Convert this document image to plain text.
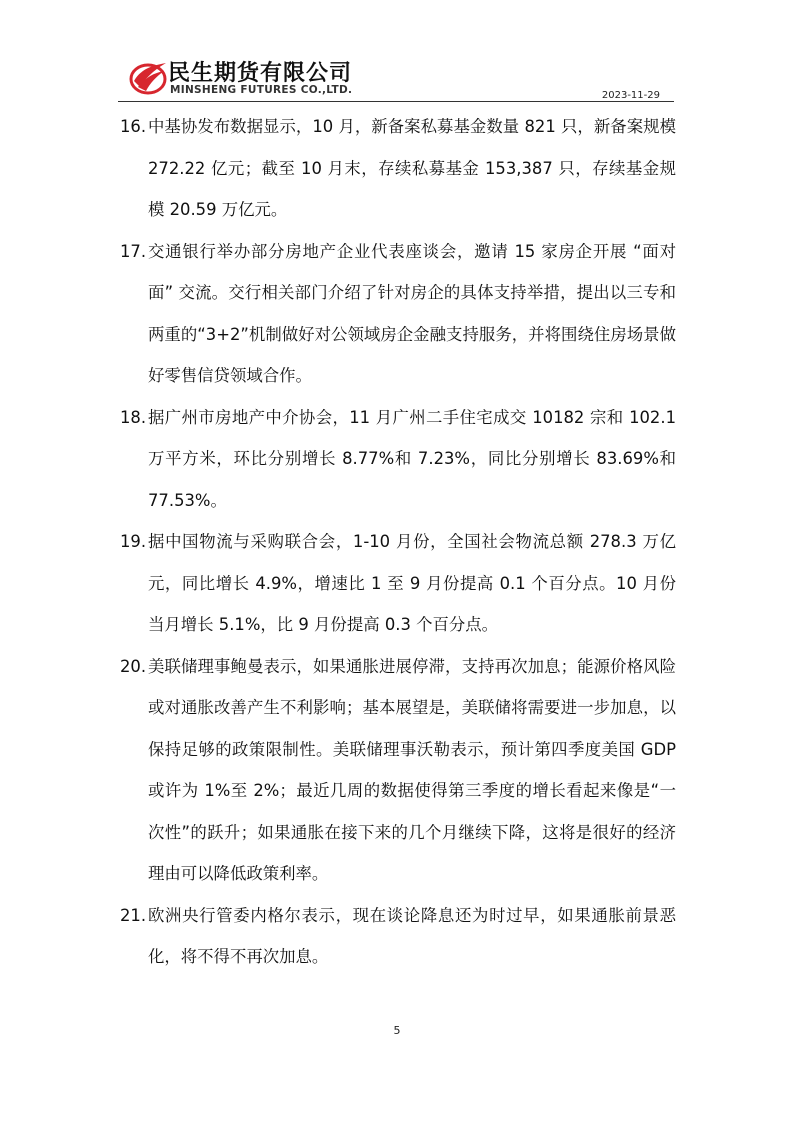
民生期货有限公司
MINSHENG FUTURES CO.,LTD.	2023-11-29
16. 中基协发布数据显示，10 月，新备案私募基金数量 821 只，新备案规模 272.22 亿元；截至 10 月末，存续私募基金 153,387 只，存续基金规模 20.59 万亿元。
17. 交通银行举办部分房地产企业代表座谈会，邀请 15 家房企开展 “面对面” 交流。交行相关部门介绍了针对房企的具体支持举措，提出以三专和两重的“3+2”机制做好对公领域房企金融支持服务，并将围绕住房场景做好零售信贷领域合作。
18. 据广州市房地产中介协会，11 月广州二手住宅成交 10182 宗和 102.1 万平方米，环比分别增长 8.77%和 7.23%，同比分别增长 83.69%和 77.53%。
19. 据中国物流与采购联合会，1-10 月份，全国社会物流总额 278.3 万亿元，同比增长 4.9%，增速比 1 至 9 月份提高 0.1 个百分点。10 月份当月增长 5.1%，比 9 月份提高 0.3 个百分点。
20. 美联储理事鲍曼表示，如果通胀进展停滞，支持再次加息；能源价格风险或对通胀改善产生不利影响；基本展望是，美联储将需要进一步加息，以保持足够的政策限制性。美联储理事沃勒表示，预计第四季度美国 GDP 或许为 1%至 2%；最近几周的数据使得第三季度的增长看起来像是“一次性”的跃升；如果通胀在接下来的几个月继续下降，这将是很好的经济理由可以降低政策利率。
21. 欧洲央行管委内格尔表示，现在谈论降息还为时过早，如果通胀前景恶化，将不得不再次加息。
5
